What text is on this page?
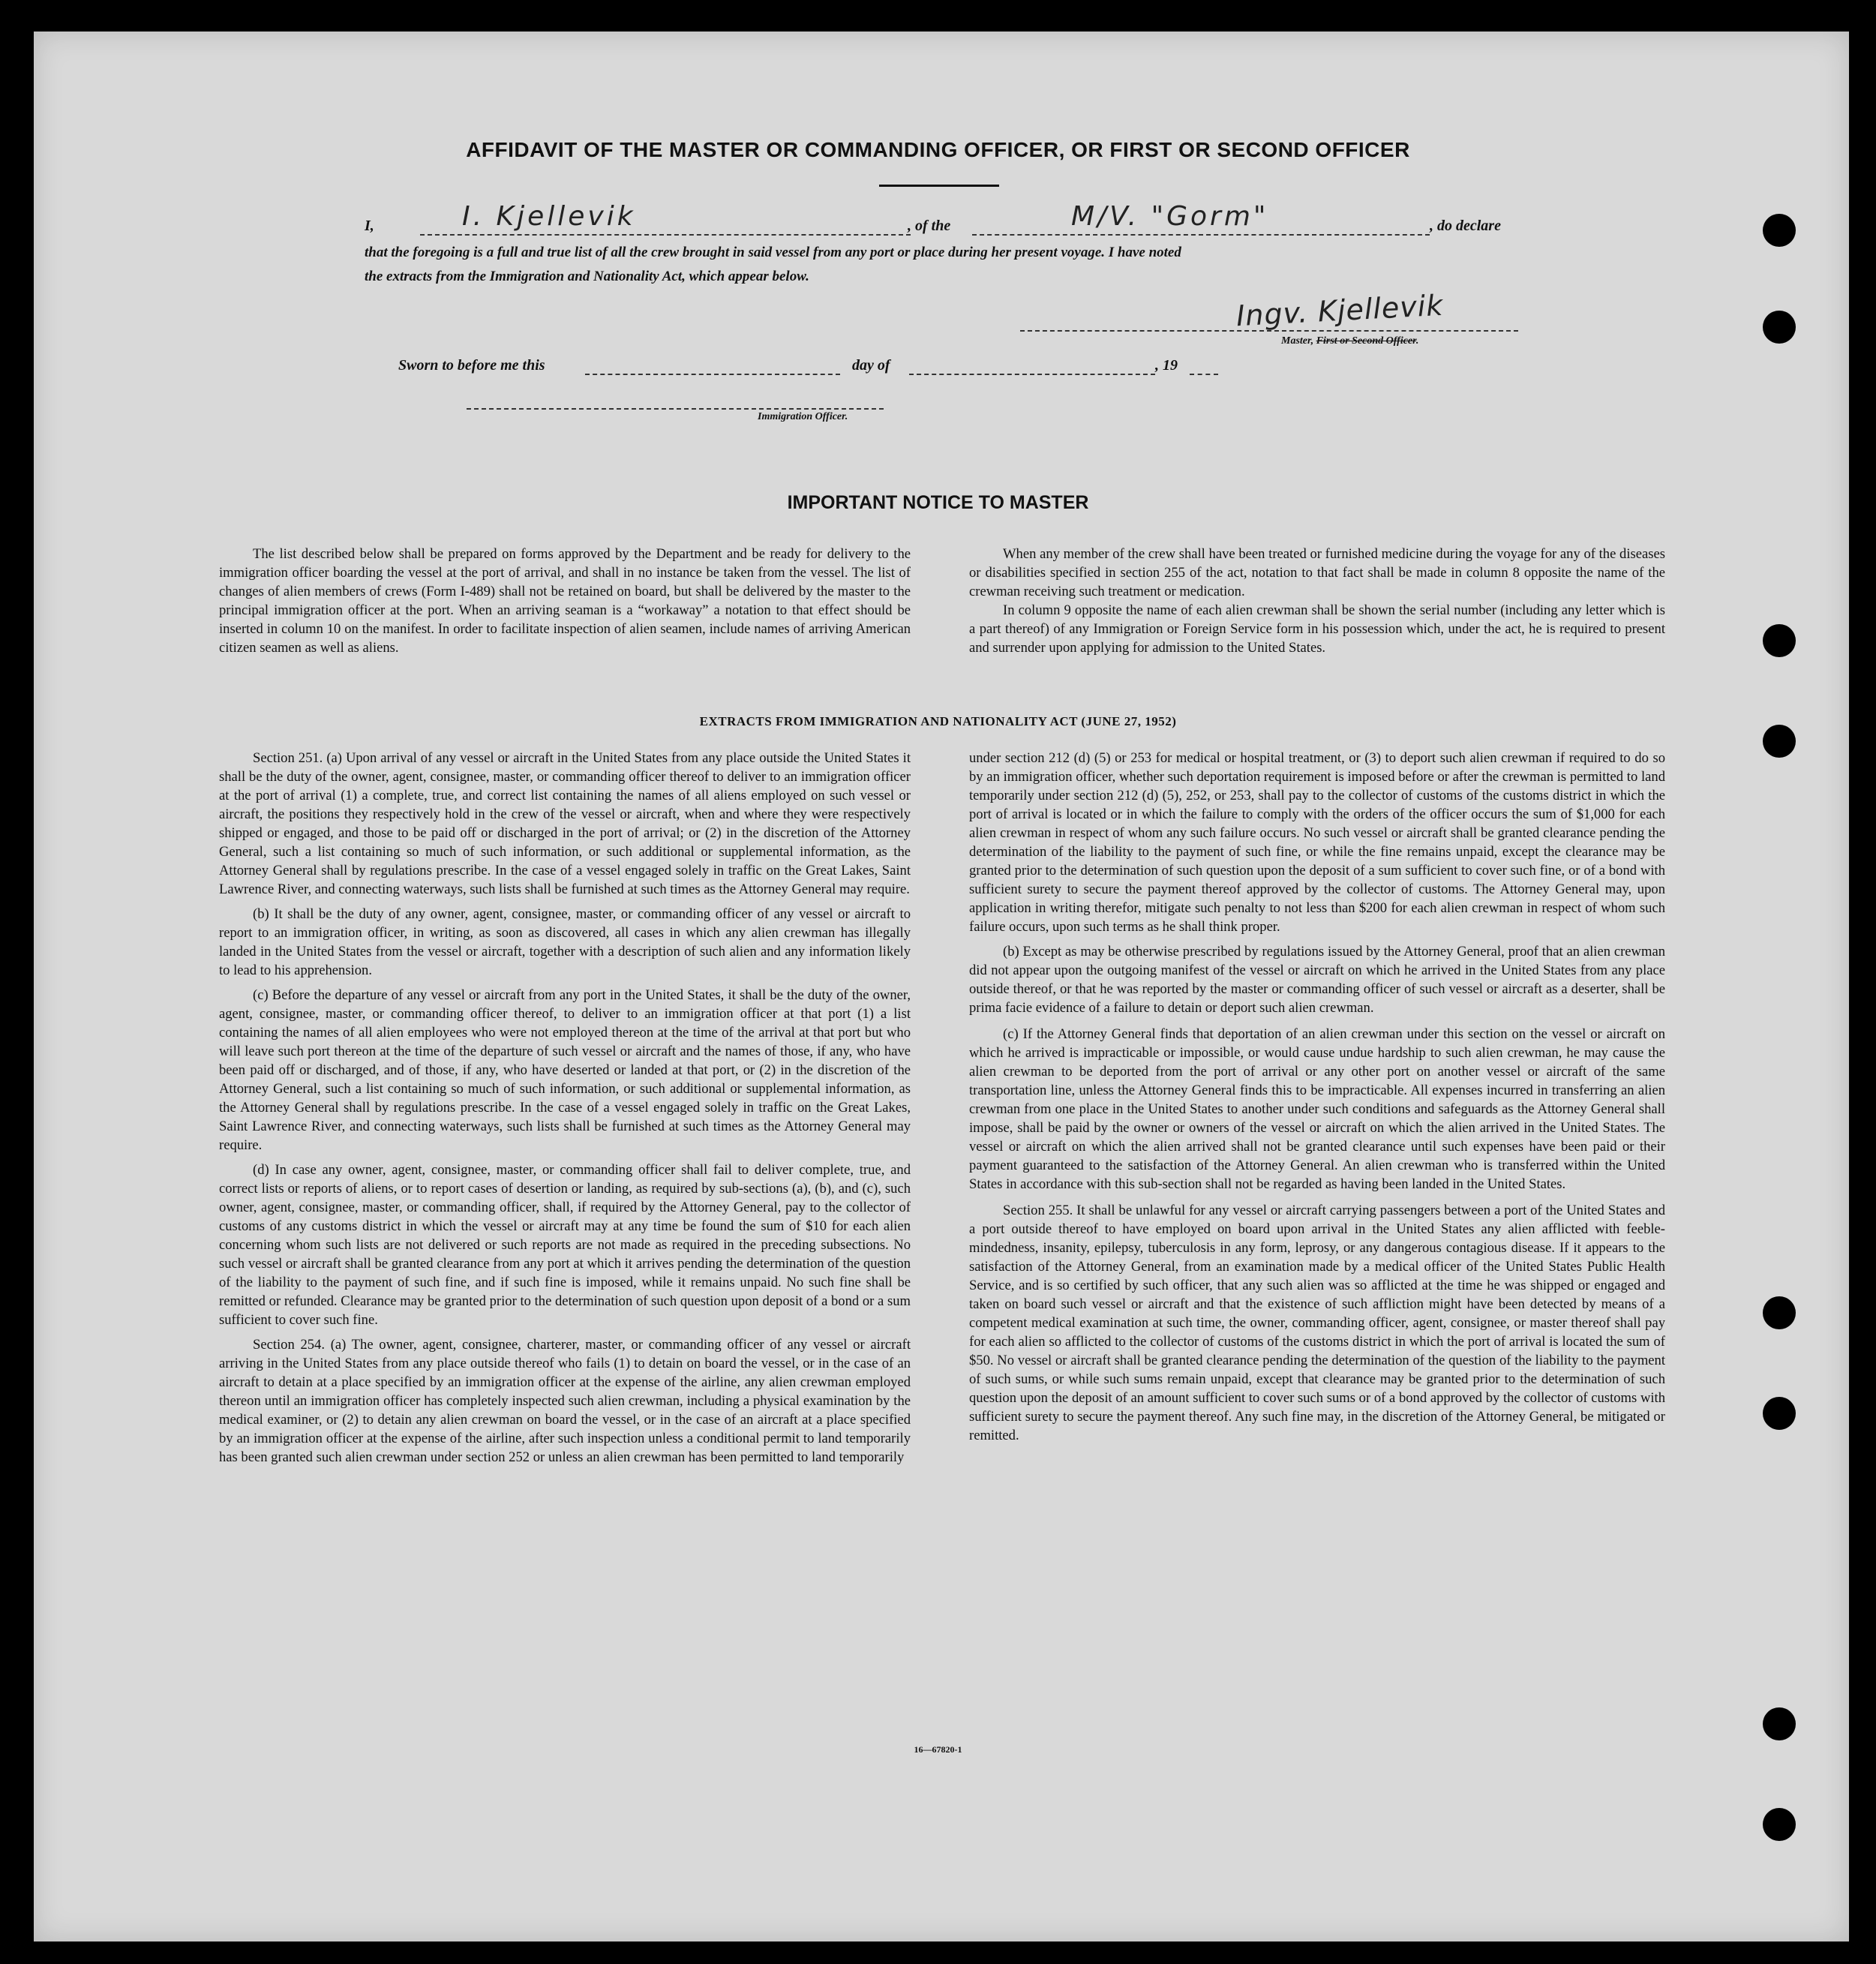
AFFIDAVIT OF THE MASTER OR COMMANDING OFFICER, OR FIRST OR SECOND OFFICER
I,	I. Kjellevik	, of the	M/V. "Gorm"	, do declare
that the foregoing is a full and true list of all the crew brought in said vessel from any port or place during her present voyage. I have noted
the extracts from the Immigration and Nationality Act, which appear below.
Ingv. Kjellevik
Master, First or Second Officer.
Sworn to before me this	day of	, 19
Immigration Officer.
IMPORTANT NOTICE TO MASTER

The list described below shall be prepared on forms approved by the Department and be ready for delivery to the immigration officer boarding the vessel at the port of arrival, and shall in no instance be taken from the vessel. The list of changes of alien members of crews (Form I-489) shall not be retained on board, but shall be delivered by the master to the principal immigration officer at the port. When an arriving seaman is a “workaway” a notation to that effect should be inserted in column 10 on the manifest. In order to facilitate inspection of alien seamen, include names of arriving American citizen seamen as well as aliens.

When any member of the crew shall have been treated or furnished medicine during the voyage for any of the diseases or disabilities specified in section 255 of the act, notation to that fact shall be made in column 8 opposite the name of the crewman receiving such treatment or medication.

In column 9 opposite the name of each alien crewman shall be shown the serial number (including any letter which is a part thereof) of any Immigration or Foreign Service form in his possession which, under the act, he is required to present and surrender upon applying for admission to the United States.

EXTRACTS FROM IMMIGRATION AND NATIONALITY ACT (JUNE 27, 1952)

Section 251. (a) Upon arrival of any vessel or aircraft in the United States from any place outside the United States it shall be the duty of the owner, agent, consignee, master, or commanding officer thereof to deliver to an immigration officer at the port of arrival (1) a complete, true, and correct list containing the names of all aliens employed on such vessel or aircraft, the positions they respectively hold in the crew of the vessel or aircraft, when and where they were respectively shipped or engaged, and those to be paid off or discharged in the port of arrival; or (2) in the discretion of the Attorney General, such a list containing so much of such information, or such additional or supplemental information, as the Attorney General shall by regulations prescribe. In the case of a vessel engaged solely in traffic on the Great Lakes, Saint Lawrence River, and connecting waterways, such lists shall be furnished at such times as the Attorney General may require.

(b) It shall be the duty of any owner, agent, consignee, master, or commanding officer of any vessel or aircraft to report to an immigration officer, in writing, as soon as discovered, all cases in which any alien crewman has illegally landed in the United States from the vessel or aircraft, together with a description of such alien and any information likely to lead to his apprehension.

(c) Before the departure of any vessel or aircraft from any port in the United States, it shall be the duty of the owner, agent, consignee, master, or commanding officer thereof, to deliver to an immigration officer at that port (1) a list containing the names of all alien employees who were not employed thereon at the time of the arrival at that port but who will leave such port thereon at the time of the departure of such vessel or aircraft and the names of those, if any, who have been paid off or discharged, and of those, if any, who have deserted or landed at that port, or (2) in the discretion of the Attorney General, such a list containing so much of such information, or such additional or supplemental information, as the Attorney General shall by regulations prescribe. In the case of a vessel engaged solely in traffic on the Great Lakes, Saint Lawrence River, and connecting waterways, such lists shall be furnished at such times as the Attorney General may require.

(d) In case any owner, agent, consignee, master, or commanding officer shall fail to deliver complete, true, and correct lists or reports of aliens, or to report cases of desertion or landing, as required by sub-sections (a), (b), and (c), such owner, agent, consignee, master, or commanding officer, shall, if required by the Attorney General, pay to the collector of customs of any customs district in which the vessel or aircraft may at any time be found the sum of $10 for each alien concerning whom such lists are not delivered or such reports are not made as required in the preceding subsections. No such vessel or aircraft shall be granted clearance from any port at which it arrives pending the determination of the question of the liability to the payment of such fine, and if such fine is imposed, while it remains unpaid. No such fine shall be remitted or refunded. Clearance may be granted prior to the determination of such question upon deposit of a bond or a sum sufficient to cover such fine.

Section 254. (a) The owner, agent, consignee, charterer, master, or commanding officer of any vessel or aircraft arriving in the United States from any place outside thereof who fails (1) to detain on board the vessel, or in the case of an aircraft to detain at a place specified by an immigration officer at the expense of the airline, any alien crewman employed thereon until an immigration officer has completely inspected such alien crewman, including a physical examination by the medical examiner, or (2) to detain any alien crewman on board the vessel, or in the case of an aircraft at a place specified by an immigration officer at the expense of the airline, after such inspection unless a conditional permit to land temporarily has been granted such alien crewman under section 252 or unless an alien crewman has been permitted to land temporarily

under section 212 (d) (5) or 253 for medical or hospital treatment, or (3) to deport such alien crewman if required to do so by an immigration officer, whether such deportation requirement is imposed before or after the crewman is permitted to land temporarily under section 212 (d) (5), 252, or 253, shall pay to the collector of customs of the customs district in which the port of arrival is located or in which the failure to comply with the orders of the officer occurs the sum of $1,000 for each alien crewman in respect of whom any such failure occurs. No such vessel or aircraft shall be granted clearance pending the determination of the liability to the payment of such fine, or while the fine remains unpaid, except the clearance may be granted prior to the determination of such question upon the deposit of a sum sufficient to cover such fine, or of a bond with sufficient surety to secure the payment thereof approved by the collector of customs. The Attorney General may, upon application in writing therefor, mitigate such penalty to not less than $200 for each alien crewman in respect of whom such failure occurs, upon such terms as he shall think proper.

(b) Except as may be otherwise prescribed by regulations issued by the Attorney General, proof that an alien crewman did not appear upon the outgoing manifest of the vessel or aircraft on which he arrived in the United States from any place outside thereof, or that he was reported by the master or commanding officer of such vessel or aircraft as a deserter, shall be prima facie evidence of a failure to detain or deport such alien crewman.

(c) If the Attorney General finds that deportation of an alien crewman under this section on the vessel or aircraft on which he arrived is impracticable or impossible, or would cause undue hardship to such alien crewman, he may cause the alien crewman to be deported from the port of arrival or any other port on another vessel or aircraft of the same transportation line, unless the Attorney General finds this to be impracticable. All expenses incurred in transferring an alien crewman from one place in the United States to another under such conditions and safeguards as the Attorney General shall impose, shall be paid by the owner or owners of the vessel or aircraft on which the alien arrived in the United States. The vessel or aircraft on which the alien arrived shall not be granted clearance until such expenses have been paid or their payment guaranteed to the satisfaction of the Attorney General. An alien crewman who is transferred within the United States in accordance with this sub-section shall not be regarded as having been landed in the United States.

Section 255. It shall be unlawful for any vessel or aircraft carrying passengers between a port of the United States and a port outside thereof to have employed on board upon arrival in the United States any alien afflicted with feeble-mindedness, insanity, epilepsy, tuberculosis in any form, leprosy, or any dangerous contagious disease. If it appears to the satisfaction of the Attorney General, from an examination made by a medical officer of the United States Public Health Service, and is so certified by such officer, that any such alien was so afflicted at the time he was shipped or engaged and taken on board such vessel or aircraft and that the existence of such affliction might have been detected by means of a competent medical examination at such time, the owner, commanding officer, agent, consignee, or master thereof shall pay for each alien so afflicted to the collector of customs of the customs district in which the port of arrival is located the sum of $50. No vessel or aircraft shall be granted clearance pending the determination of the question of the liability to the payment of such sums, or while such sums remain unpaid, except that clearance may be granted prior to the determination of such question upon the deposit of an amount sufficient to cover such sums or of a bond approved by the collector of customs with sufficient surety to secure the payment thereof. Any such fine may, in the discretion of the Attorney General, be mitigated or remitted.

16—67820-1
